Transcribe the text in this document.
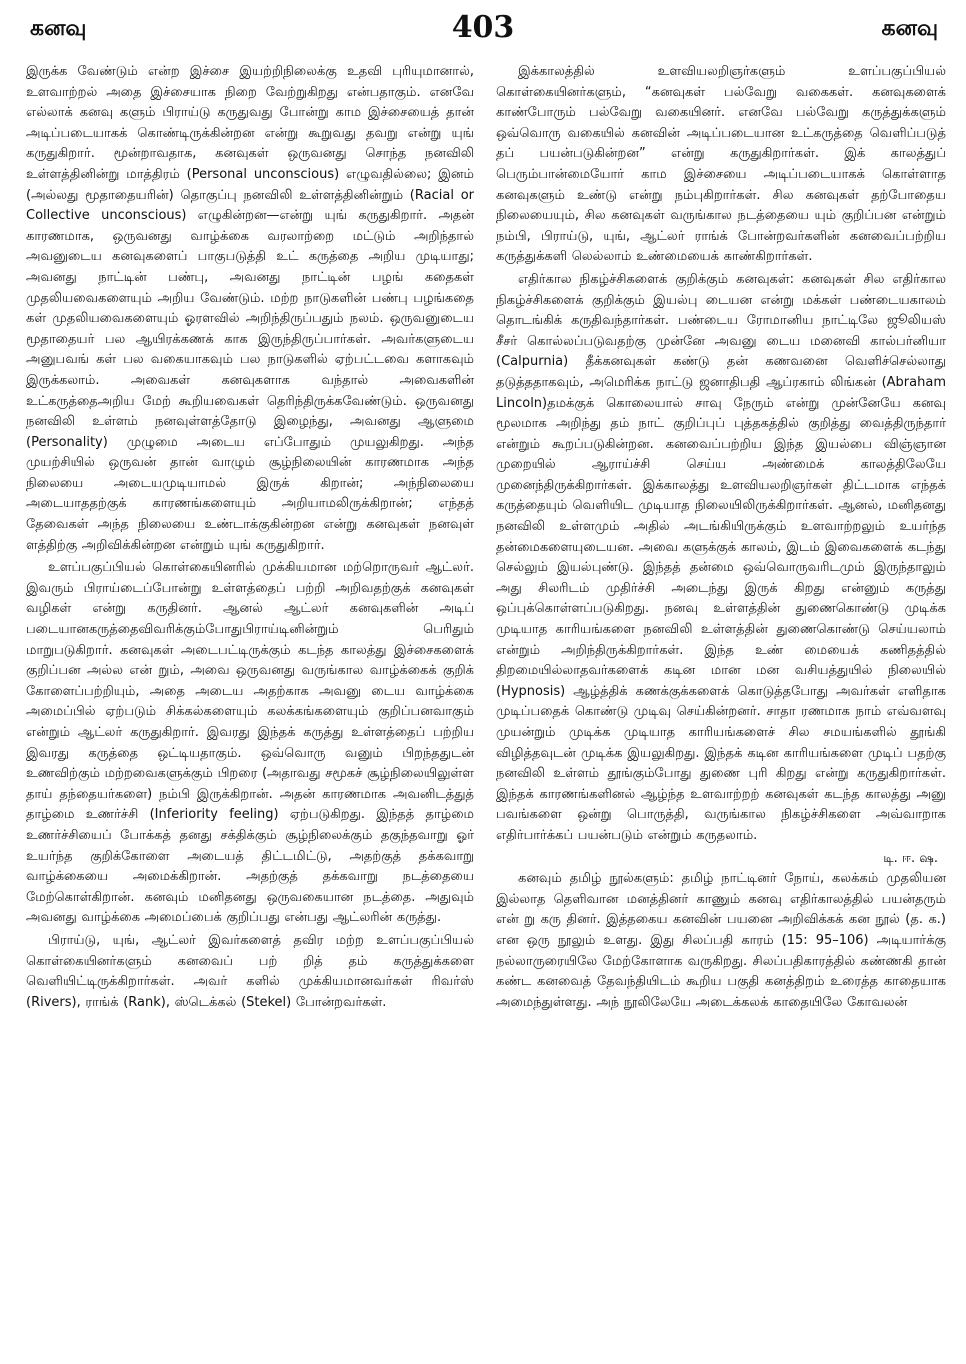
கனவு	403	கனவு

இருக்க வேண்டும் என்ற இச்சை இயற்றிநிலைக்கு உதவி புரியுமானால், உளவாற்றல் அதை இச்சையாக நிறை வேற்றுகிறது என்பதாகும். எனவே எல்லாக் கனவு களும் பிராய்டு கருதுவது போன்று காம இச்சையைத் தான் அடிப்படையாகக் கொண்டிருக்கின்றன என்று கூறுவது தவறு என்று யுங் கருதுகிறார். மூன்றாவதாக, கனவுகள் ஒருவனது சொந்த நனவிலி உள்ளத்தினின்று மாத்திரம் (Personal unconscious) எழுவதில்லை; இனம் (அல்லது மூதாதையரின்) தொகுப்பு நனவிலி உள்ளத்தினின்றும் (Racial or Collective unconscious) எழுகின்றன—என்று யுங் கருதுகிறார். அதன் காரணமாக, ஒருவனது வாழ்க்கை வரலாற்றை மட்டும் அறிந்தால் அவனுடைய கனவுகளைப் பாகுபடுத்தி உட் கருத்தை அறிய முடியாது; அவனது நாட்டின் பண்பு, அவனது நாட்டின் பழங் கதைகள் முதலியவைகளையும் அறிய வேண்டும். மற்ற நாடுகளின் பண்பு பழங்கதை கள் முதலியவைகளையும் ஓரளவில் அறிந்திருப்பதும் நலம். ஒருவனுடைய மூதாதையர் பல ஆயிரக்கணக் காக இருந்திருப்பார்கள். அவர்களுடைய அனுபவங் கள் பல வகையாகவும் பல நாடுகளில் ஏற்பட்டவை களாகவும் இருக்கலாம். அவைகள் கனவுகளாக வந்தால் அவைகளின் உட்கருத்தைஅறிய மேற் கூறியவைகள் தெரிந்திருக்கவேண்டும். ஒருவனது நனவிலி உள்ளம் நனவுள்ளத்தோடு இழைந்து, அவனது ஆளுமை (Personality) முழுமை அடைய எப்போதும் முயலுகிறது. அந்த முயற்சியில் ஒருவன் தான் வாழும் சூழ்நிலையின் காரணமாக அந்த நிலையை அடையமுடியாமல் இருக் கிறான்; அந்நிலையை அடையாததற்குக் காரணங்களையும் அறியாமலிருக்கிறான்; எந்தத் தேவைகள் அந்த நிலையை உண்டாக்குகின்றன என்று கனவுகள் நனவுள் ளத்திற்கு அறிவிக்கின்றன என்றும் யுங் கருதுகிறார்.

உளப்பகுப்பியல் கொள்கையினரில் முக்கியமான மற்றொருவர் ஆட்லர். இவரும் பிராய்டைப்போன்று உள்ளத்தைப் பற்றி அறிவதற்குக் கனவுகள் வழிகள் என்று கருதினர். ஆனல் ஆட்லர் கனவுகளின் அடிப் படையானகருத்தைவிவரிக்கும்போதுபிராய்டினின்றும் பெரிதும் மாறுபடுகிறார். கனவுகள் அடைபட்டிருக்கும் கடந்த காலத்து இச்சைகளைக் குறிப்பன அல்ல என் றும், அவை ஒருவனது வருங்கால வாழ்க்கைக் குறிக் கோளைப்பற்றியும், அதை அடைய அதற்காக அவனு டைய வாழ்க்கை அமைப்பில் ஏற்படும் சிக்கல்களையும் கலக்கங்களையும் குறிப்பனவாகும் என்றும் ஆட்லர் கருதுகிறார். இவரது இந்தக் கருத்து உள்ளத்தைப் பற்றிய இவரது கருத்தை ஒட்டியதாகும். ஒவ்வொரு வனும் பிறந்ததுடன் உணவிற்கும் மற்றவைகளுக்கும் பிறரை (அதாவது சமூகச் சூழ்நிலையிலுள்ள தாய் தந்தையர்களை) நம்பி இருக்கிறான். அதன் காரணமாக அவனிடத்துத் தாழ்மை உணர்ச்சி (Inferiority feeling) ஏற்படுகிறது. இந்தத் தாழ்மை உணர்ச்சியைப் போக்கத் தனது சக்திக்கும் சூழ்நிலைக்கும் தகுந்தவாறு ஓர் உயர்ந்த குறிக்கோளை அடையத் திட்டமிட்டு, அதற்குத் தக்கவாறு வாழ்க்கையை அமைக்கிறான். அதற்குத் தக்கவாறு நடத்தையை மேற்கொள்கிறான். கனவும் மனிதனது ஒருவகையான நடத்தை. அதுவும் அவனது வாழ்க்கை அமைப்பைக் குறிப்பது என்பது ஆட்லரின் கருத்து.

பிராய்டு, யுங், ஆட்லர் இவர்களைத் தவிர மற்ற உளப்பகுப்பியல் கொள்கையினர்களும் கனவைப் பற் றித் தம் கருத்துக்களை வெளியிட்டிருக்கிறார்கள். அவர் களில் முக்கியமானவர்கள் ரிவர்ஸ் (Rivers), ராங்க் (Rank), ஸ்டெக்கல் (Stekel) போன்றவர்கள்.

இக்காலத்தில் உளவியலறிஞர்களும் உளப்பகுப்பியல் கொள்கையினர்களும், “கனவுகள் பல்வேறு வகைகள். கனவுகளைக் காண்போரும் பல்வேறு வகையினர். எனவே பல்வேறு கருத்துக்களும் ஒவ்வொரு வகையில் கனவின் அடிப்படையான உட்கருத்தை வெளிப்படுத் தப் பயன்படுகின்றன” என்று கருதுகிறார்கள். இக் காலத்துப் பெரும்பான்மையோர் காம இச்சையை அடிப்படையாகக் கொள்ளாத கனவுகளும் உண்டு என்று நம்புகிறார்கள். சில கனவுகள் தற்போதைய நிலையையும், சில கனவுகள் வருங்கால நடத்தையை யும் குறிப்பன என்றும் நம்பி, பிராய்டு, யுங், ஆட்லர் ராங்க் போன்றவர்களின் கனவைப்பற்றிய கருத்துக்களி லெல்லாம் உண்மையைக் காண்கிறார்கள்.

எதிர்கால நிகழ்ச்சிகளைக் குறிக்கும் கனவுகள்: கனவுகள் சில எதிர்கால நிகழ்ச்சிகளைக் குறிக்கும் இயல்பு டையன என்று மக்கள் பண்டையகாலம் தொடங்கிக் கருதிவந்தார்கள். பண்டைய ரோமானிய நாட்டிலே ஜூலியஸ் சீசர் கொல்லப்படுவதற்கு முன்னே அவனு டைய மனைவி கால்பர்னியா (Calpurnia) தீக்கனவுகள் கண்டு தன் கணவனை வெளிச்செல்லாது தடுத்ததாகவும், அமெரிக்க நாட்டு ஜனாதிபதி ஆப்ரகாம் லிங்கன் (Abraham Lincoln)தமக்குக் கொலையால் சாவு நேரும் என்று முன்னேயே கனவு மூலமாக அறிந்து தம் நாட் குறிப்புப் புத்தகத்தில் குறித்து வைத்திருந்தார் என்றும் கூறப்படுகின்றன. கனவைப்பற்றிய இந்த இயல்பை விஞ்ஞான முறையில் ஆராய்ச்சி செய்ய அண்மைக் காலத்திலேயே முனைந்திருக்கிறார்கள். இக்காலத்து உளவியலறிஞர்கள் திட்டமாக எந்தக் கருத்தையும் வெளியிட முடியாத நிலையிலிருக்கிறார்கள். ஆனல், மனிதனது நனவிலி உள்ளமும் அதில் அடங்கியிருக்கும் உளவாற்றலும் உயர்ந்த தன்மைகளையுடையன. அவை களுக்குக் காலம், இடம் இவைகளைக் கடந்து செல்லும் இயல்புண்டு. இந்தத் தன்மை ஒவ்வொருவரிடமும் இருந்தாலும் அது சிலரிடம் முதிர்ச்சி அடைந்து இருக் கிறது என்னும் கருத்து ஒப்புக்கொள்ளப்படுகிறது. நனவு உள்ளத்தின் துணைகொண்டு முடிக்க முடியாத காரியங்களை நனவிலி உள்ளத்தின் துணைகொண்டு செய்யலாம் என்றும் அறிந்திருக்கிறார்கள். இந்த உண் மையைக் கணிதத்தில் திறமையில்லாதவர்களைக் கடின மான மன வசியத்துயில் நிலையில் (Hypnosis) ஆழ்த்திக் கணக்குக்களைக் கொடுத்தபோது அவர்கள் எளிதாக முடிப்பதைக் கொண்டு முடிவு செய்கின்றனர். சாதா ரணமாக நாம் எவ்வளவு முயன்றும் முடிக்க முடியாத காரியங்களைச் சில சமயங்களில் தூங்கி விழித்தவுடன் முடிக்க இயலுகிறது. இந்தக் கடின காரியங்களை முடிப் பதற்கு நனவிலி உள்ளம் தூங்கும்போது துணை புரி கிறது என்று கருதுகிறார்கள். இந்தக் காரணங்களினல் ஆழ்ந்த உளவாற்றற் கனவுகள் கடந்த காலத்து அனு பவங்களை ஒன்று பொருத்தி, வருங்கால நிகழ்ச்சிகளை அவ்வாறாக எதிர்பார்க்கப் பயன்படும் என்றும் கருதலாம்.

டி. ஈ. ஷ.

கனவும் தமிழ் நூல்களும்: தமிழ் நாட்டினர் நோய், கலக்கம் முதலியன இல்லாத தெளிவான மனத்தினர் காணும் கனவு எதிர்காலத்தில் பயன்தரும் என் று கரு தினர். இத்தகைய கனவின் பயனை அறிவிக்கக் கன நூல் (த. க.) என ஒரு நூலும் உளது. இது சிலப்பதி காரம் (15: 95–106) அடியார்க்கு நல்லாருரையிலே மேற்கோளாக வருகிறது. சிலப்பதிகாரத்தில் கண்ணகி தான் கண்ட கனவைத் தேவந்தியிடம் கூறிய பகுதி கனத்திறம் உரைத்த காதையாக அமைந்துள்ளது. அந் நூலிலேயே அடைக்கலக் காதையிலே கோவலன்
